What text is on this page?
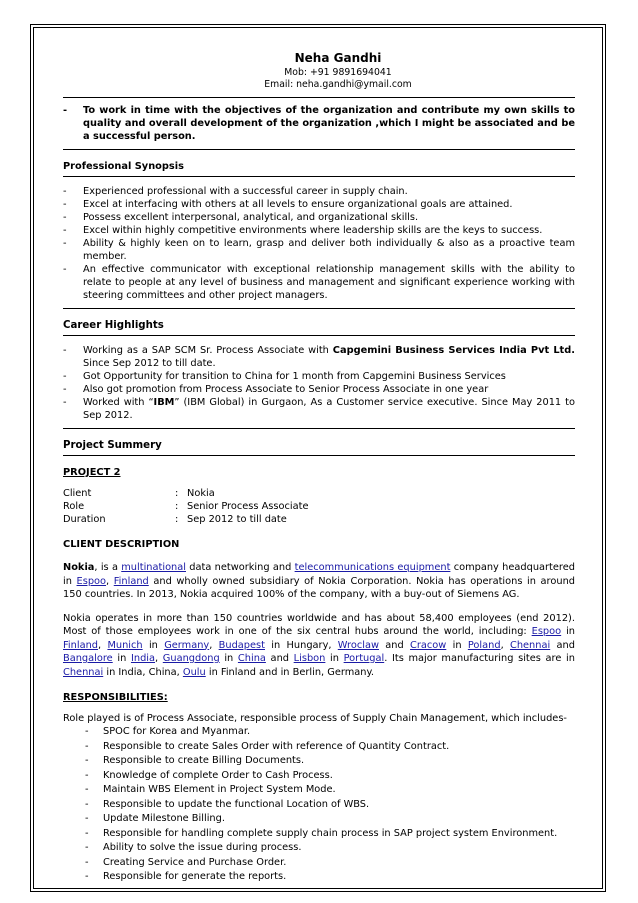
Neha Gandhi
Mob: +91 9891694041
Email: neha.gandhi@ymail.com
-	To work in time with the objectives of the organization and contribute my own skills to quality and overall development of the organization ,which I might be associated and be a successful person.
Professional Synopsis
-	Experienced professional with a successful career in supply chain.
-	Excel at interfacing with others at all levels to ensure organizational goals are attained.
-	Possess excellent interpersonal, analytical, and organizational skills.
-	Excel within highly competitive environments where leadership skills are the keys to success.
-	Ability & highly keen on to learn, grasp and deliver both individually & also as a proactive team member.
-	An effective communicator with exceptional relationship management skills with the ability to relate to people at any level of business and management and significant experience working with steering committees and other project managers.
Career Highlights
-	Working as a SAP SCM Sr. Process Associate with Capgemini Business Services India Pvt Ltd. Since Sep 2012 to till date.
-	Got Opportunity for transition to China for 1 month from Capgemini Business Services
-	Also got promotion from Process Associate to Senior Process Associate in one year
-	Worked with “IBM” (IBM Global) in Gurgaon, As a Customer service executive. Since May 2011 to Sep 2012.
Project Summery
PROJECT 2
Client	: Nokia
Role	: Senior Process Associate
Duration	: Sep 2012 to till date
CLIENT DESCRIPTION
Nokia, is a multinational data networking and telecommunications equipment company headquartered in Espoo, Finland and wholly owned subsidiary of Nokia Corporation. Nokia has operations in around 150 countries. In 2013, Nokia acquired 100% of the company, with a buy-out of Siemens AG.
Nokia operates in more than 150 countries worldwide and has about 58,400 employees (end 2012). Most of those employees work in one of the six central hubs around the world, including: Espoo in Finland, Munich in Germany, Budapest in Hungary, Wroclaw and Cracow in Poland, Chennai and Bangalore in India, Guangdong in China and Lisbon in Portugal. Its major manufacturing sites are in Chennai in India, China, Oulu in Finland and in Berlin, Germany.
RESPONSIBILITIES:
Role played is of Process Associate, responsible process of Supply Chain Management, which includes-
-	SPOC for Korea and Myanmar.
-	Responsible to create Sales Order with reference of Quantity Contract.
-	Responsible to create Billing Documents.
-	Knowledge of complete Order to Cash Process.
-	Maintain WBS Element in Project System Mode.
-	Responsible to update the functional Location of WBS.
-	Update Milestone Billing.
-	Responsible for handling complete supply chain process in SAP project system Environment.
-	Ability to solve the issue during process.
-	Creating Service and Purchase Order.
-	Responsible for generate the reports.
